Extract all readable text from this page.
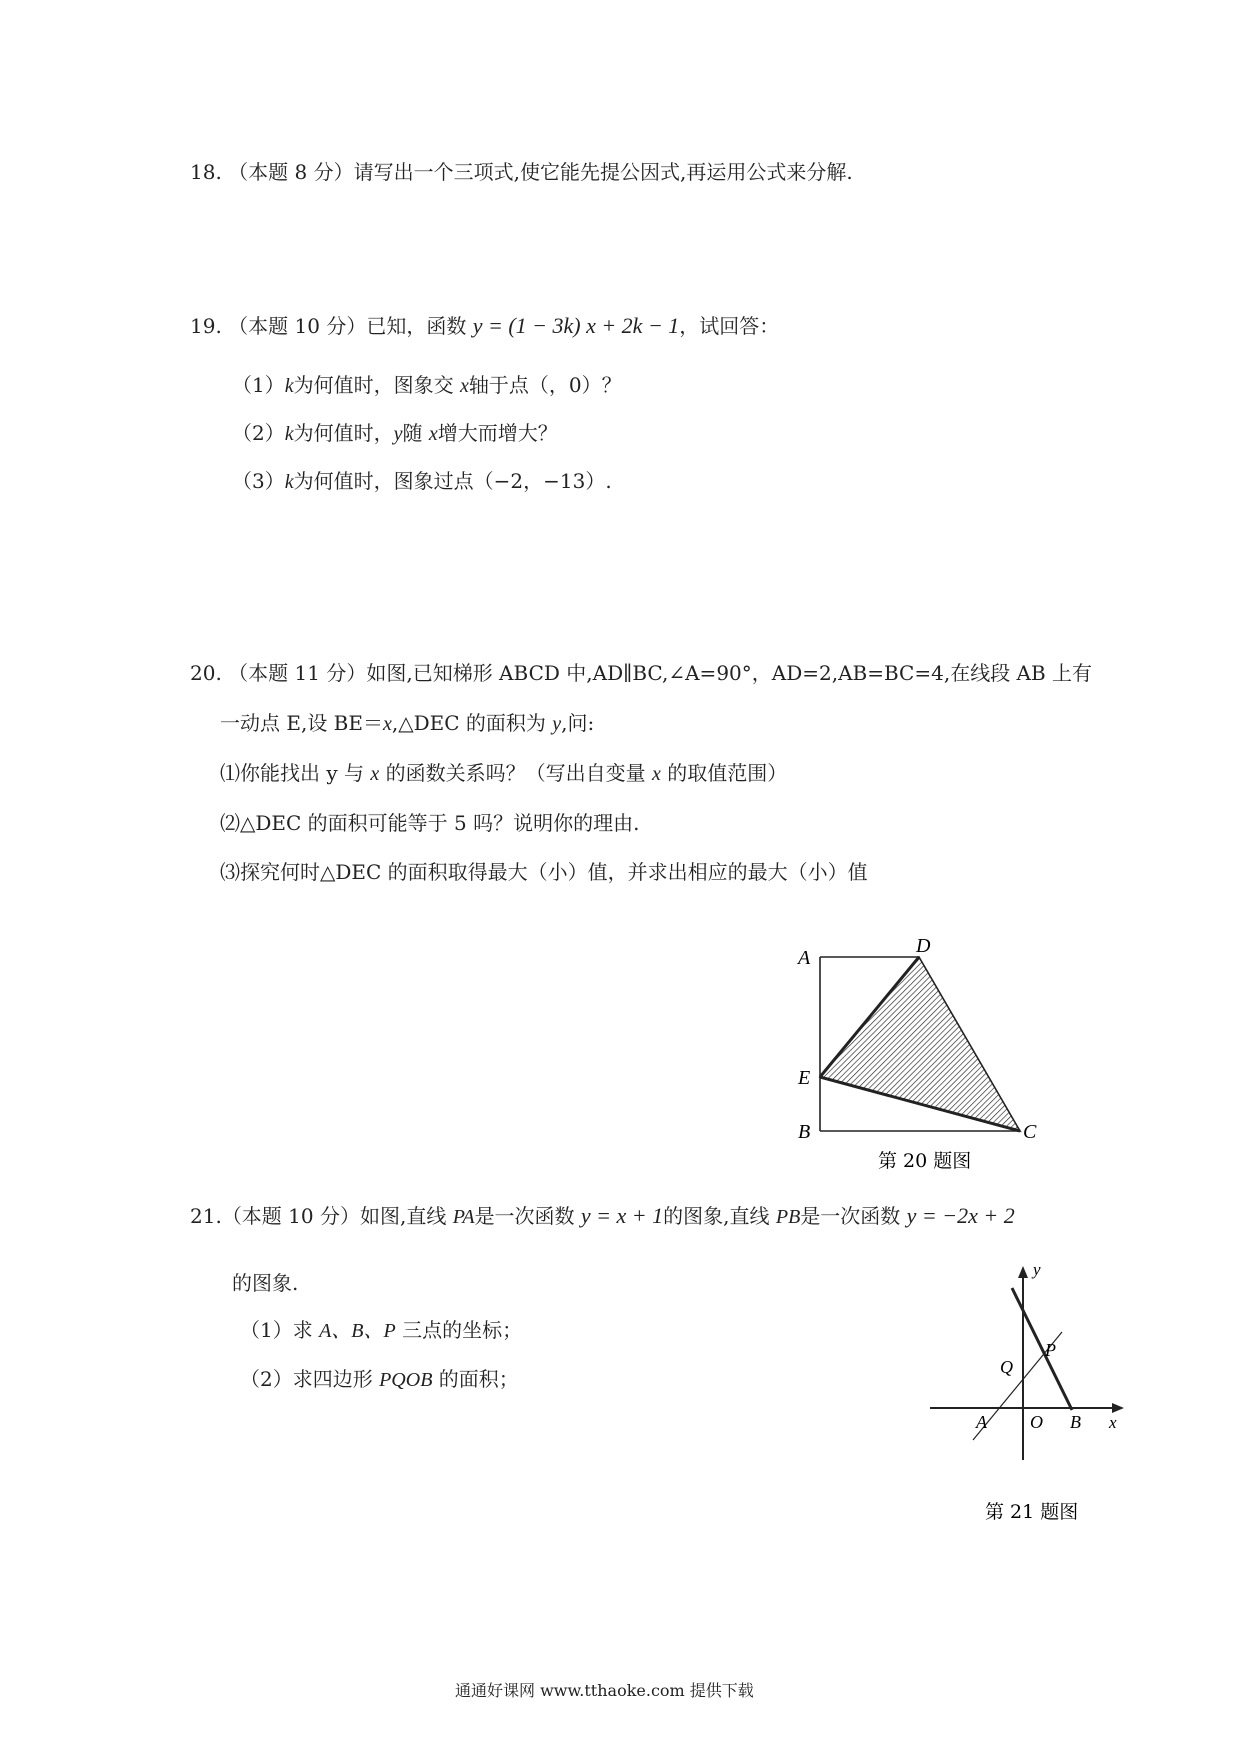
18. （本题 8 分）请写出一个三项式,使它能先提公因式,再运用公式来分解.
19. （本题 10 分）已知，函数 y = (1 − 3k) x + 2k − 1，试回答：
（1）k为何值时，图象交 x轴于点（，0）？
（2）k为何值时，y随 x增大而增大？
（3）k为何值时，图象过点（−2，−13）.
20. （本题 11 分）如图,已知梯形 ABCD 中,AD∥BC,∠A=90°，AD=2,AB=BC=4,在线段 AB 上有
一动点 E,设 BE＝x,△DEC 的面积为 y,问:
⑴你能找出 y 与 x 的函数关系吗？（写出自变量 x 的取值范围）
⑵△DEC 的面积可能等于 5 吗？说明你的理由.
⑶探究何时△DEC 的面积取得最大（小）值，并求出相应的最大（小）值
A
D
E
B	C
第 20 题图
21.（本题 10 分）如图,直线 PA是一次函数 y = x + 1的图象,直线 PB是一次函数 y = −2x + 2
的图象.
（1）求 A、B、P 三点的坐标；
（2）求四边形 PQOB 的面积；
y
x
Q
P
A O B
第 21 题图
通通好课网 www.tthaoke.com 提供下载
